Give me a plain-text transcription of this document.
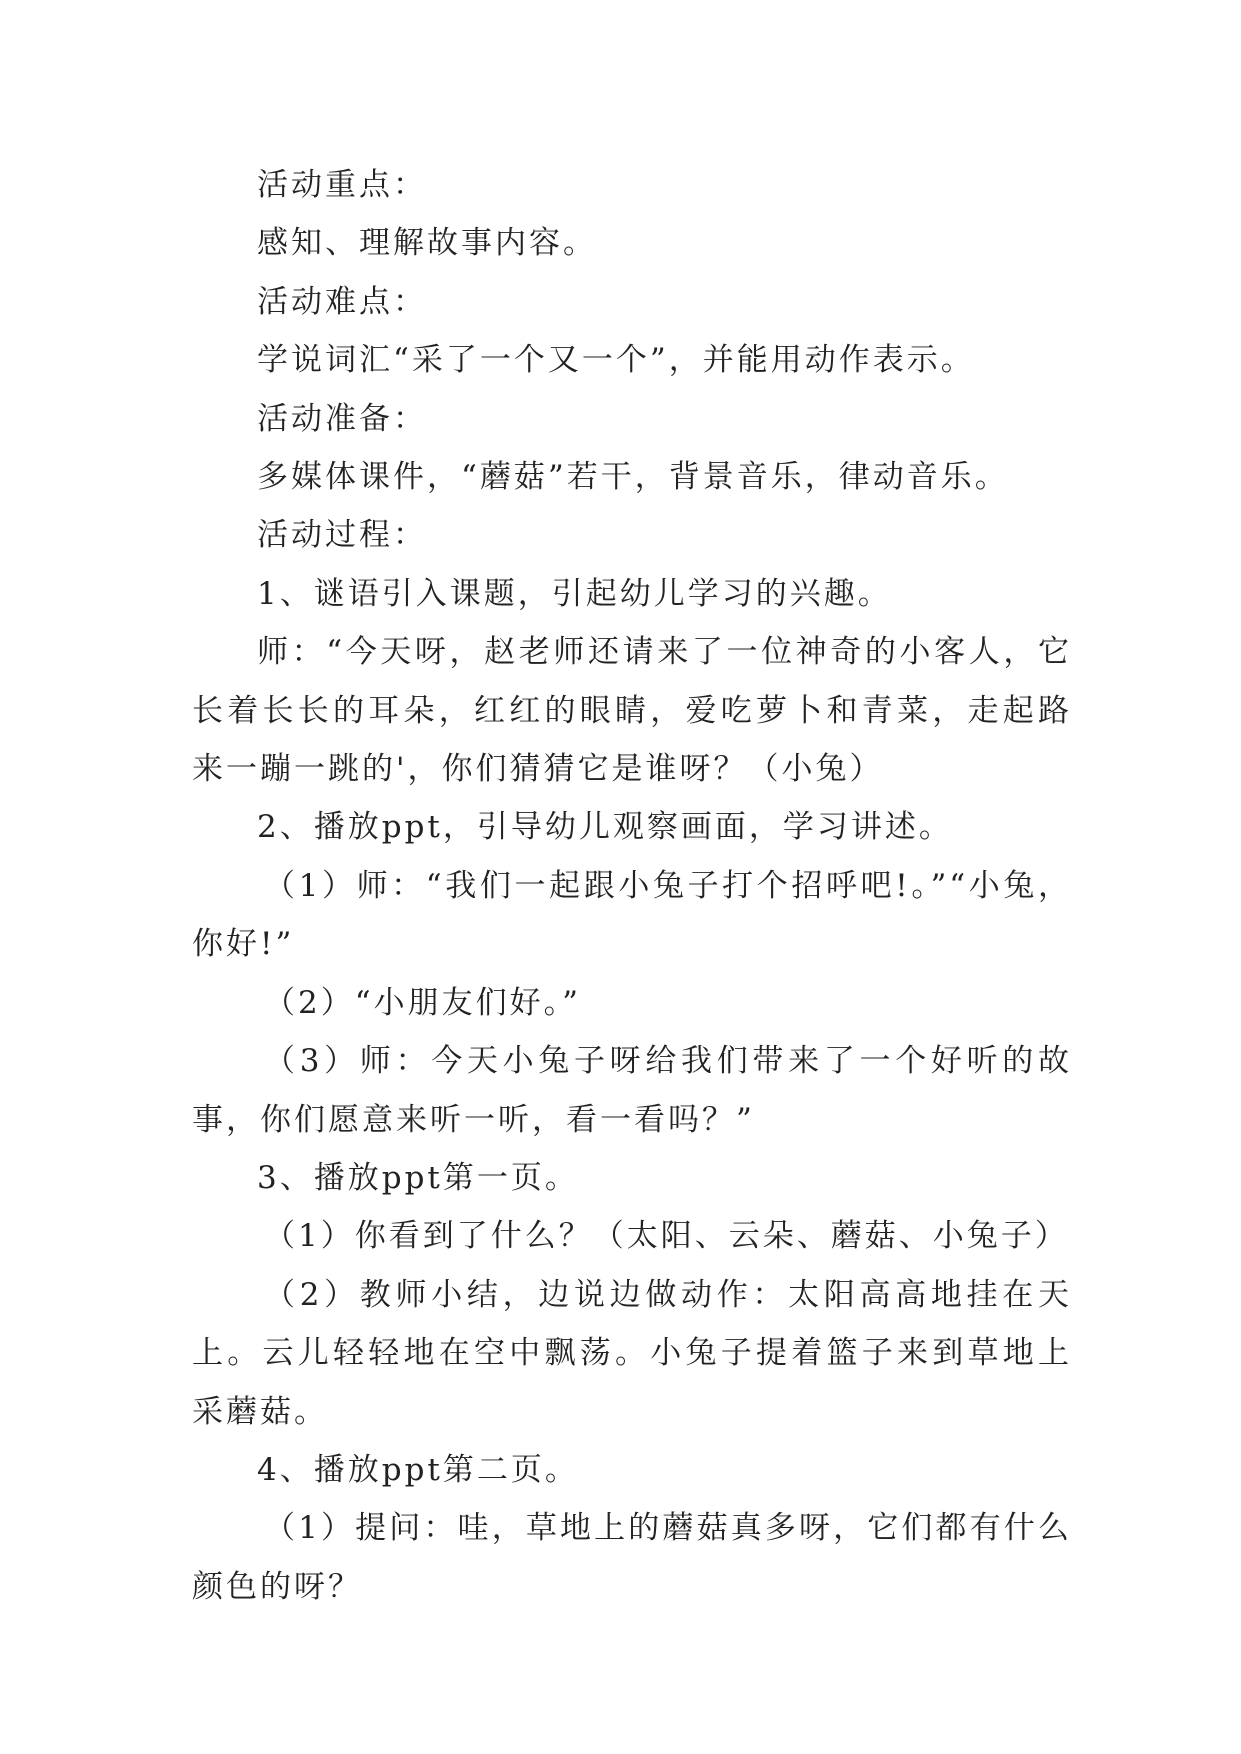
活动重点：

感知、理解故事内容。

活动难点：

学说词汇“采了一个又一个”，并能用动作表示。

活动准备：

多媒体课件，“蘑菇”若干，背景音乐，律动音乐。

活动过程：

1、谜语引入课题，引起幼儿学习的兴趣。

师：“今天呀，赵老师还请来了一位神奇的小客人，它长着长长的耳朵，红红的眼睛，爱吃萝卜和青菜，走起路来一蹦一跳的'，你们猜猜它是谁呀？（小兔）

2、播放ppt，引导幼儿观察画面，学习讲述。

（1）师：“我们一起跟小兔子打个招呼吧!。”“小兔，你好!”

（2）“小朋友们好。”

（3）师：今天小兔子呀给我们带来了一个好听的故事，你们愿意来听一听，看一看吗？”

3、播放ppt第一页。

（1）你看到了什么？（太阳、云朵、蘑菇、小兔子）

（2）教师小结，边说边做动作：太阳高高地挂在天上。云儿轻轻地在空中飘荡。小兔子提着篮子来到草地上采蘑菇。

4、播放ppt第二页。

（1）提问：哇，草地上的蘑菇真多呀，它们都有什么颜色的呀？
